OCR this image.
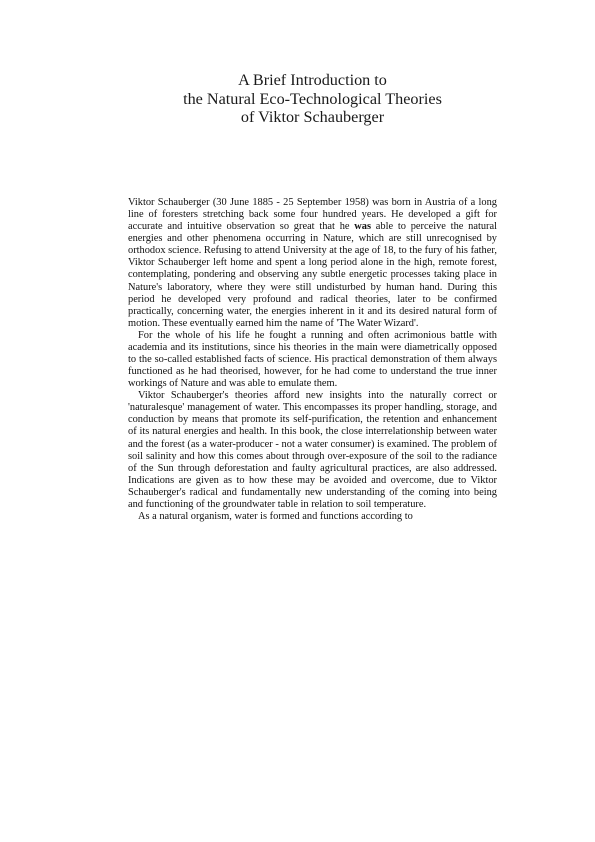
A Brief Introduction to
the Natural Eco-Technological Theories
of Viktor Schauberger

Viktor Schauberger (30 June 1885 - 25 September 1958) was born in Austria of a long line of foresters stretching back some four hundred years. He developed a gift for accurate and intuitive observation so great that he was able to perceive the natural energies and other phenomena occurring in Nature, which are still unrecognised by orthodox science. Refusing to attend University at the age of 18, to the fury of his father, Viktor Schauberger left home and spent a long period alone in the high, remote forest, contemplating, pondering and observing any subtle energetic processes taking place in Nature's laboratory, where they were still undisturbed by human hand. During this period he developed very profound and radical theories, later to be confirmed practically, concerning water, the energies inherent in it and its desired natural form of motion. These eventually earned him the name of 'The Water Wizard'.

For the whole of his life he fought a running and often acrimonious battle with academia and its institutions, since his theories in the main were diametrically opposed to the so-called established facts of science. His practical demonstration of them always functioned as he had theorised, however, for he had come to understand the true inner workings of Nature and was able to emulate them.

Viktor Schauberger's theories afford new insights into the naturally correct or 'naturalesque' management of water. This encompasses its proper handling, storage, and conduction by means that promote its self-purification, the retention and enhancement of its natural energies and health. In this book, the close interrelationship between water and the forest (as a water-producer - not a water consumer) is examined. The problem of soil salinity and how this comes about through over-exposure of the soil to the radiance of the Sun through deforestation and faulty agricultural practices, are also addressed. Indications are given as to how these may be avoided and overcome, due to Viktor Schauberger's radical and fundamentally new understanding of the coming into being and functioning of the groundwater table in relation to soil temperature.

As a natural organism, water is formed and functions according to
